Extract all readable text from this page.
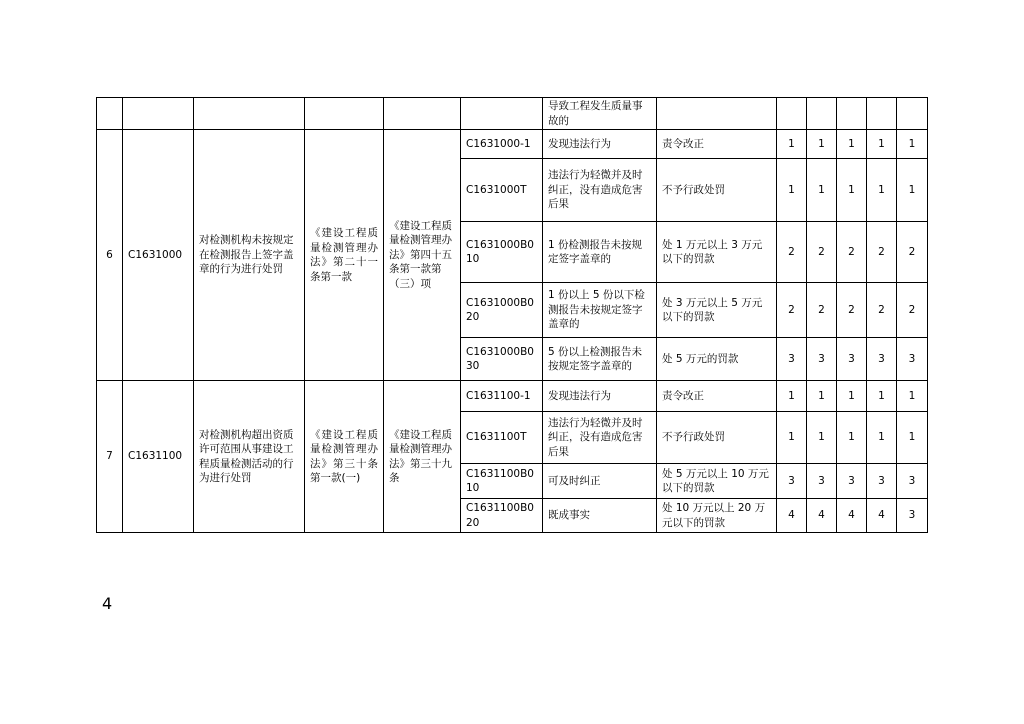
						导致工程发生质量事故的						
6	C1631000	对检测机构未按规定在检测报告上签字盖章的行为进行处罚	《建设工程质量检测管理办法》第二十一条第一款	《建设工程质量检测管理办法》第四十五条第一款第（三）项	C1631000-1	发现违法行为	责令改正	1	1	1	1	1
					C1631000T	违法行为轻微并及时纠正，没有造成危害后果	不予行政处罚	1	1	1	1	1
					C1631000B010	1 份检测报告未按规定签字盖章的	处 1 万元以上 3 万元以下的罚款	2	2	2	2	2
					C1631000B020	1 份以上 5 份以下检测报告未按规定签字盖章的	处 3 万元以上 5 万元以下的罚款	2	2	2	2	2
					C1631000B030	5 份以上检测报告未按规定签字盖章的	处 5 万元的罚款	3	3	3	3	3
7	C1631100	对检测机构超出资质许可范围从事建设工程质量检测活动的行为进行处罚	《建设工程质量检测管理办法》第三十条第一款(一)	《建设工程质量检测管理办法》第三十九条	C1631100-1	发现违法行为	责令改正	1	1	1	1	1
					C1631100T	违法行为轻微并及时纠正，没有造成危害后果	不予行政处罚	1	1	1	1	1
					C1631100B010	可及时纠正	处 5 万元以上 10 万元以下的罚款	3	3	3	3	3
					C1631100B020	既成事实	处 10 万元以上 20 万元以下的罚款	4	4	4	4	3
4
